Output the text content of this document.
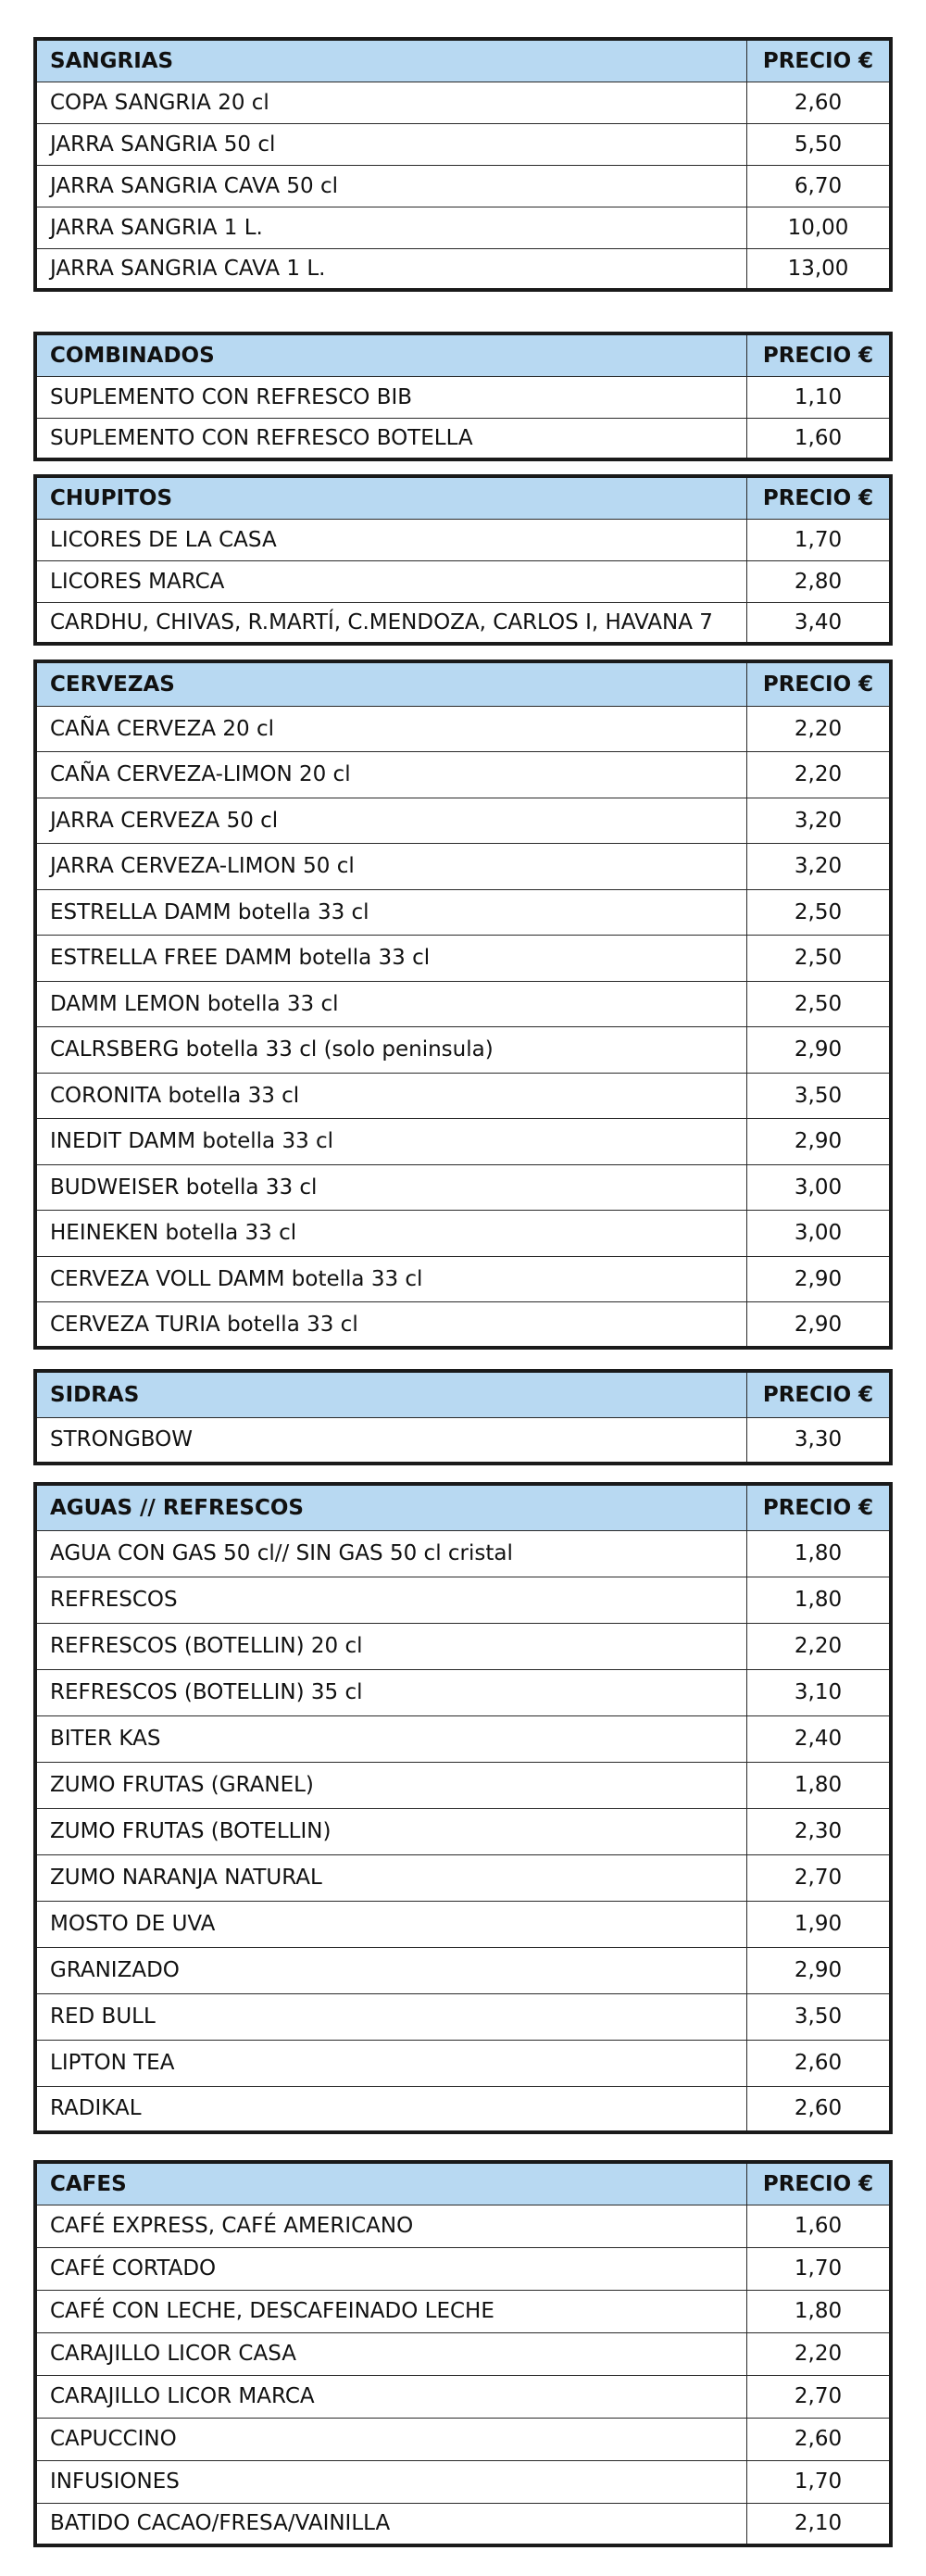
SANGRIAS	PRECIO €
COPA SANGRIA 20 cl	2,60
JARRA SANGRIA 50 cl	5,50
JARRA SANGRIA CAVA 50 cl	6,70
JARRA SANGRIA 1 L.	10,00
JARRA SANGRIA CAVA 1 L.	13,00
COMBINADOS	PRECIO €
SUPLEMENTO CON REFRESCO BIB	1,10
SUPLEMENTO CON REFRESCO BOTELLA	1,60
CHUPITOS	PRECIO €
LICORES DE LA CASA	1,70
LICORES MARCA	2,80
CARDHU, CHIVAS, R.MARTÍ, C.MENDOZA, CARLOS I, HAVANA 7	3,40
CERVEZAS	PRECIO €
CAÑA CERVEZA 20 cl	2,20
CAÑA CERVEZA-LIMON 20 cl	2,20
JARRA CERVEZA 50 cl	3,20
JARRA CERVEZA-LIMON 50 cl	3,20
ESTRELLA DAMM botella 33 cl	2,50
ESTRELLA FREE DAMM botella 33 cl	2,50
DAMM LEMON botella 33 cl	2,50
CALRSBERG botella 33 cl (solo peninsula)	2,90
CORONITA botella 33 cl	3,50
INEDIT DAMM botella 33 cl	2,90
BUDWEISER botella 33 cl	3,00
HEINEKEN botella 33 cl	3,00
CERVEZA VOLL DAMM botella 33 cl	2,90
CERVEZA TURIA botella 33 cl	2,90
SIDRAS	PRECIO €
STRONGBOW	3,30
AGUAS // REFRESCOS	PRECIO €
AGUA CON GAS 50 cl// SIN GAS 50 cl cristal	1,80
REFRESCOS	1,80
REFRESCOS (BOTELLIN) 20 cl	2,20
REFRESCOS (BOTELLIN) 35 cl	3,10
BITER KAS	2,40
ZUMO FRUTAS (GRANEL)	1,80
ZUMO FRUTAS (BOTELLIN)	2,30
ZUMO NARANJA NATURAL	2,70
MOSTO DE UVA	1,90
GRANIZADO	2,90
RED BULL	3,50
LIPTON TEA	2,60
RADIKAL	2,60
CAFES	PRECIO €
CAFÉ EXPRESS, CAFÉ AMERICANO	1,60
CAFÉ CORTADO	1,70
CAFÉ CON LECHE, DESCAFEINADO LECHE	1,80
CARAJILLO LICOR CASA	2,20
CARAJILLO LICOR MARCA	2,70
CAPUCCINO	2,60
INFUSIONES	1,70
BATIDO CACAO/FRESA/VAINILLA	2,10
